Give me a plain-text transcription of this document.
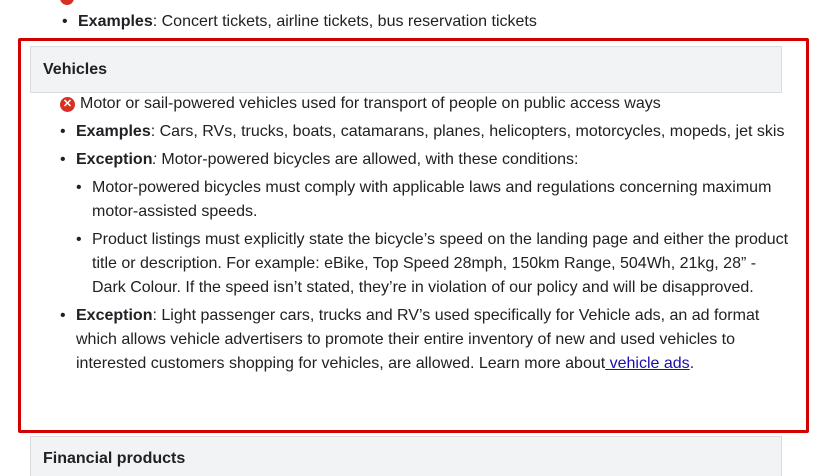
• Examples: Concert tickets, airline tickets, bus reservation tickets
Vehicles
✕ Motor or sail-powered vehicles used for transport of people on public access ways
• Examples: Cars, RVs, trucks, boats, catamarans, planes, helicopters, motorcycles, mopeds, jet skis
• Exception: Motor-powered bicycles are allowed, with these conditions:
• Motor-powered bicycles must comply with applicable laws and regulations concerning maximum motor-assisted speeds.
• Product listings must explicitly state the bicycle’s speed on the landing page and either the product title or description. For example: eBike, Top Speed 28mph, 150km Range, 504Wh, 21kg, 28” - Dark Colour. If the speed isn’t stated, they’re in violation of our policy and will be disapproved.
• Exception: Light passenger cars, trucks and RV’s used specifically for Vehicle ads, an ad format which allows vehicle advertisers to promote their entire inventory of new and used vehicles to interested customers shopping for vehicles, are allowed. Learn more about vehicle ads.
Financial products
